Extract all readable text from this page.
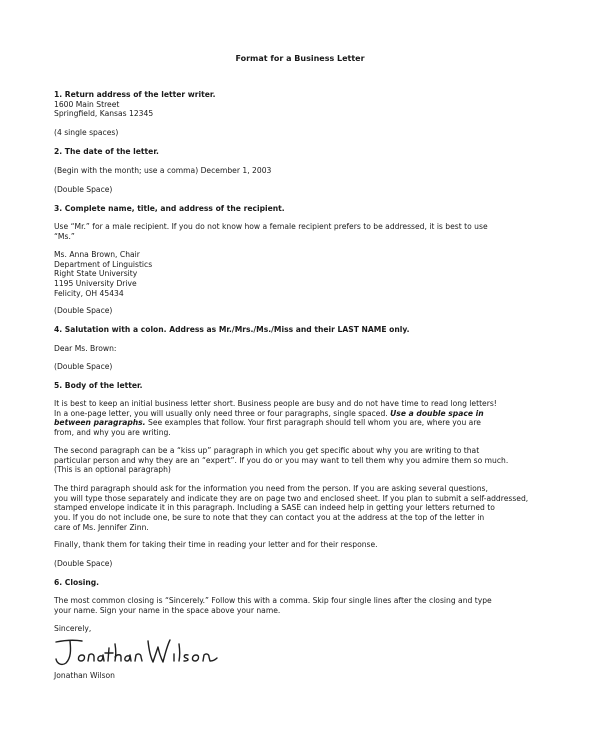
Format for a Business Letter
1. Return address of the letter writer.
1600 Main Street
Springfield, Kansas 12345
(4 single spaces)
2. The date of the letter.
(Begin with the month; use a comma) December 1, 2003
(Double Space)
3. Complete name, title, and address of the recipient.
Use “Mr.” for a male recipient. If you do not know how a female recipient prefers to be addressed, it is best to use
“Ms.”
Ms. Anna Brown, Chair
Department of Linguistics
Right State University
1195 University Drive
Felicity, OH 45434
(Double Space)
4. Salutation with a colon. Address as Mr./Mrs./Ms./Miss and their LAST NAME only.
Dear Ms. Brown:
(Double Space)
5. Body of the letter.
It is best to keep an initial business letter short. Business people are busy and do not have time to read long letters!
In a one-page letter, you will usually only need three or four paragraphs, single spaced. Use a double space in
between paragraphs. See examples that follow. Your first paragraph should tell whom you are, where you are
from, and why you are writing.
The second paragraph can be a “kiss up” paragraph in which you get specific about why you are writing to that
particular person and why they are an “expert”. If you do or you may want to tell them why you admire them so much.
(This is an optional paragraph)
The third paragraph should ask for the information you need from the person. If you are asking several questions,
you will type those separately and indicate they are on page two and enclosed sheet. If you plan to submit a self-addressed,
stamped envelope indicate it in this paragraph. Including a SASE can indeed help in getting your letters returned to
you. If you do not include one, be sure to note that they can contact you at the address at the top of the letter in
care of Ms. Jennifer Zinn.
Finally, thank them for taking their time in reading your letter and for their response.
(Double Space)
6. Closing.
The most common closing is “Sincerely.” Follow this with a comma. Skip four single lines after the closing and type
your name. Sign your name in the space above your name.
Sincerely,
Jonathan Wilson
